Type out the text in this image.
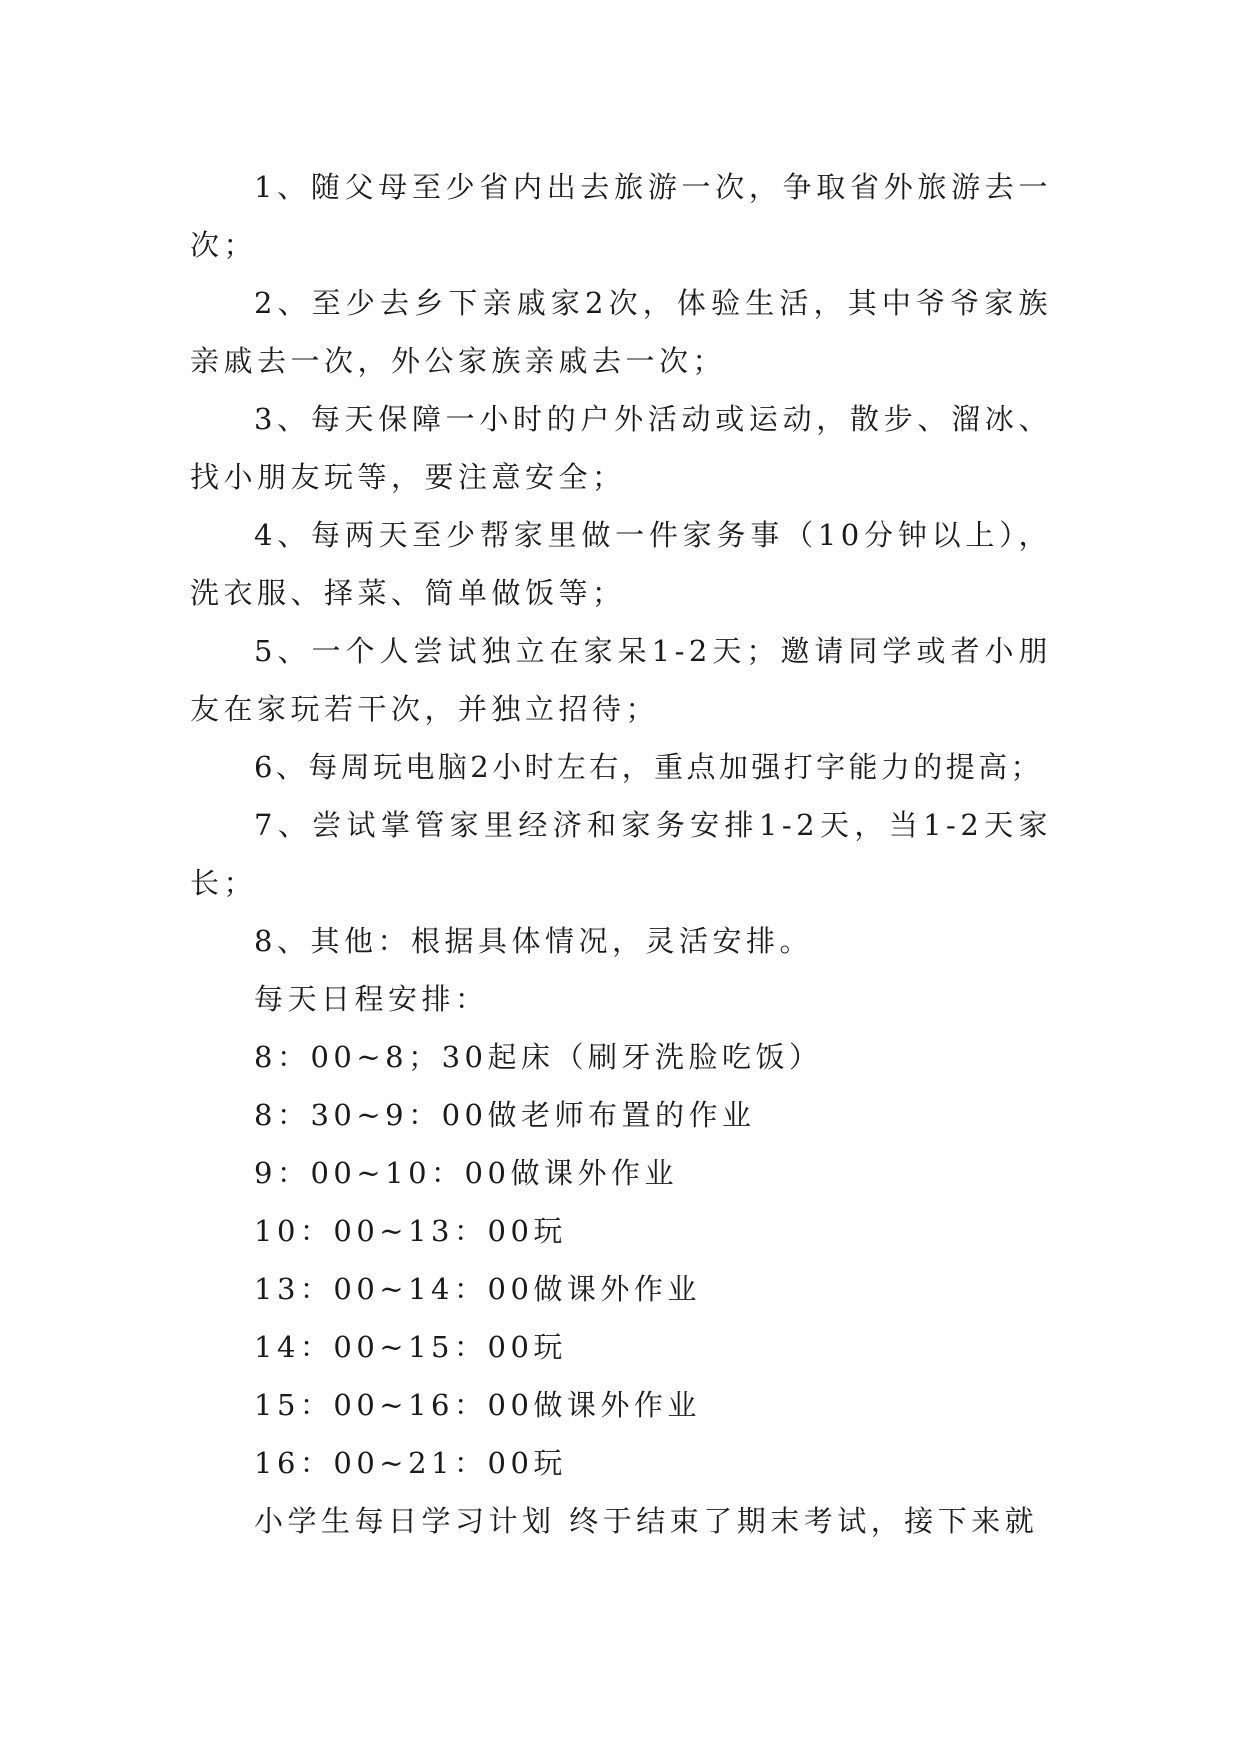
1、随父母至少省内出去旅游一次，争取省外旅游去一次；

2、至少去乡下亲戚家2次，体验生活，其中爷爷家族亲戚去一次，外公家族亲戚去一次；

3、每天保障一小时的户外活动或运动，散步、溜冰、找小朋友玩等，要注意安全；

4、每两天至少帮家里做一件家务事（10分钟以上），洗衣服、择菜、简单做饭等；

5、一个人尝试独立在家呆1-2天；邀请同学或者小朋友在家玩若干次，并独立招待；

6、每周玩电脑2小时左右，重点加强打字能力的提高；

7、尝试掌管家里经济和家务安排1-2天，当1-2天家长；

8、其他：根据具体情况，灵活安排。

每天日程安排：

8：00~8；30起床（刷牙洗脸吃饭）

8：30~9：00做老师布置的作业

9：00~10：00做课外作业

10：00~13：00玩

13：00~14：00做课外作业

14：00~15：00玩

15：00~16：00做课外作业

16：00~21：00玩

小学生每日学习计划 终于结束了期末考试，接下来就
